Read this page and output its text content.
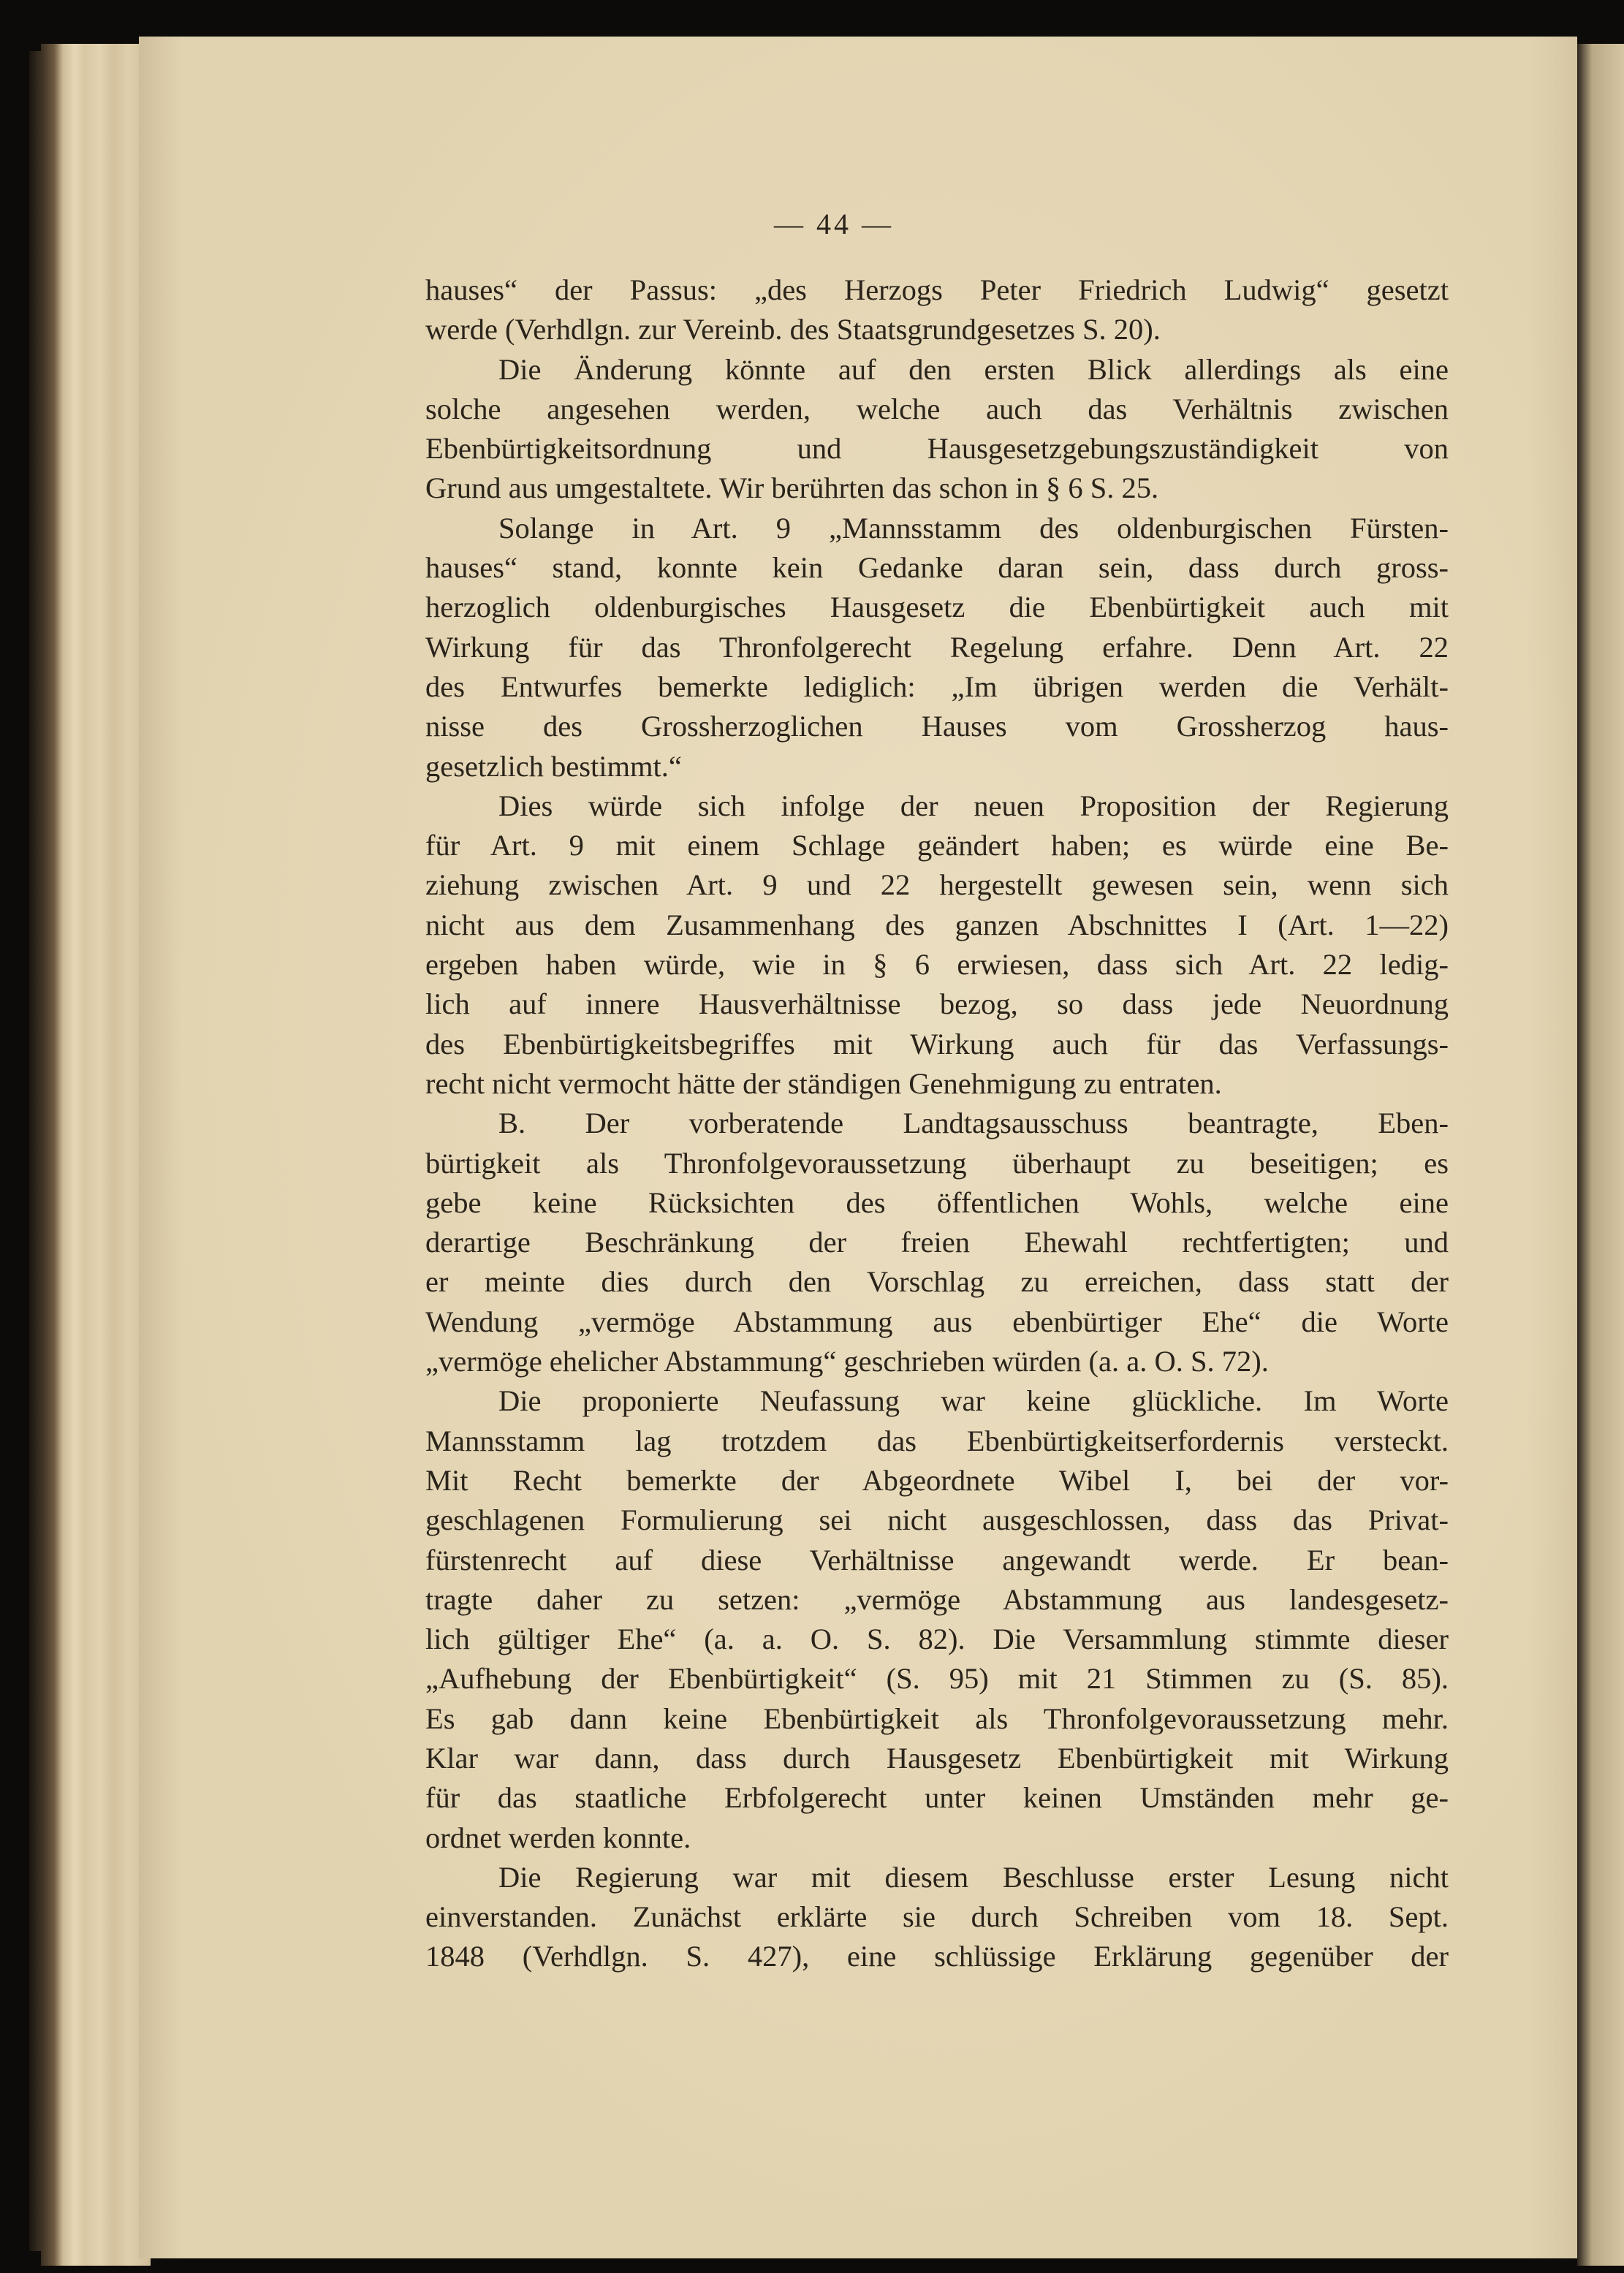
— 44 —
hauses“ der Passus: „des Herzogs Peter Friedrich Ludwig“ gesetzt
werde (Verhdlgn. zur Vereinb. des Staatsgrundgesetzes S. 20).
Die Änderung könnte auf den ersten Blick allerdings als eine
solche angesehen werden, welche auch das Verhältnis zwischen
Ebenbürtigkeitsordnung und Hausgesetzgebungszuständigkeit von
Grund aus umgestaltete. Wir berührten das schon in § 6 S. 25.
Solange in Art. 9 „Mannsstamm des oldenburgischen Fürsten-
hauses“ stand, konnte kein Gedanke daran sein, dass durch gross-
herzoglich oldenburgisches Hausgesetz die Ebenbürtigkeit auch mit
Wirkung für das Thronfolgerecht Regelung erfahre. Denn Art. 22
des Entwurfes bemerkte lediglich: „Im übrigen werden die Verhält-
nisse des Grossherzoglichen Hauses vom Grossherzog haus-
gesetzlich bestimmt.“
Dies würde sich infolge der neuen Proposition der Regierung
für Art. 9 mit einem Schlage geändert haben; es würde eine Be-
ziehung zwischen Art. 9 und 22 hergestellt gewesen sein, wenn sich
nicht aus dem Zusammenhang des ganzen Abschnittes I (Art. 1—22)
ergeben haben würde, wie in § 6 erwiesen, dass sich Art. 22 ledig-
lich auf innere Hausverhältnisse bezog, so dass jede Neuordnung
des Ebenbürtigkeitsbegriffes mit Wirkung auch für das Verfassungs-
recht nicht vermocht hätte der ständigen Genehmigung zu entraten.
B. Der vorberatende Landtagsausschuss beantragte, Eben-
bürtigkeit als Thronfolgevoraussetzung überhaupt zu beseitigen; es
gebe keine Rücksichten des öffentlichen Wohls, welche eine
derartige Beschränkung der freien Ehewahl rechtfertigten; und
er meinte dies durch den Vorschlag zu erreichen, dass statt der
Wendung „vermöge Abstammung aus ebenbürtiger Ehe“ die Worte
„vermöge ehelicher Abstammung“ geschrieben würden (a. a. O. S. 72).
Die proponierte Neufassung war keine glückliche. Im Worte
Mannsstamm lag trotzdem das Ebenbürtigkeitserfordernis versteckt.
Mit Recht bemerkte der Abgeordnete Wibel I, bei der vor-
geschlagenen Formulierung sei nicht ausgeschlossen, dass das Privat-
fürstenrecht auf diese Verhältnisse angewandt werde. Er bean-
tragte daher zu setzen: „vermöge Abstammung aus landesgesetz-
lich gültiger Ehe“ (a. a. O. S. 82). Die Versammlung stimmte dieser
„Aufhebung der Ebenbürtigkeit“ (S. 95) mit 21 Stimmen zu (S. 85).
Es gab dann keine Ebenbürtigkeit als Thronfolgevoraussetzung mehr.
Klar war dann, dass durch Hausgesetz Ebenbürtigkeit mit Wirkung
für das staatliche Erbfolgerecht unter keinen Umständen mehr ge-
ordnet werden konnte.
Die Regierung war mit diesem Beschlusse erster Lesung nicht
einverstanden. Zunächst erklärte sie durch Schreiben vom 18. Sept.
1848 (Verhdlgn. S. 427), eine schlüssige Erklärung gegenüber der
